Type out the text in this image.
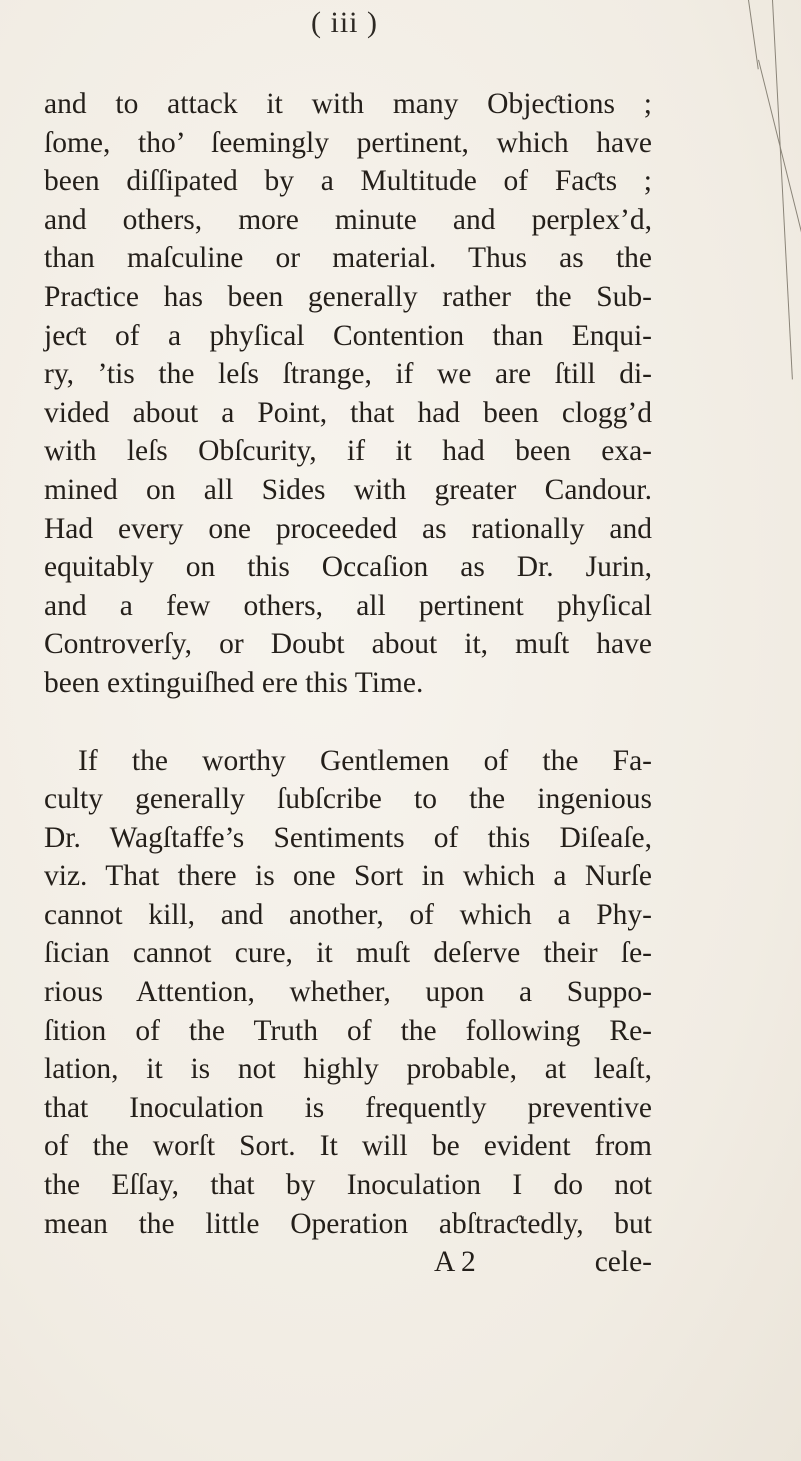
( iii )
and to attack it with many Objeƈtions ;
ſome, tho’ ſeemingly pertinent, which have
been diſſipated by a Multitude of Faƈts ;
and others, more minute and perplex’d,
than maſculine or material. Thus as the
Praƈtice has been generally rather the Sub-
jeƈt of a phyſical Contention than Enqui-
ry, ’tis the leſs ſtrange, if we are ſtill di-
vided about a Point, that had been clogg’d
with leſs Obſcurity, if it had been exa-
mined on all Sides with greater Candour.
Had every one proceeded as rationally and
equitably on this Occaſion as Dr. Jurin,
and a few others, all pertinent phyſical
Controverſy, or Doubt about it, muſt have
been extinguiſhed ere this Time.
If the worthy Gentlemen of the Fa-
culty generally ſubſcribe to the ingenious
Dr. Wagſtaffe’s Sentiments of this Diſeaſe,
viz. That there is one Sort in which a Nurſe
cannot kill, and another, of which a Phy-
ſician cannot cure, it muſt deſerve their ſe-
rious Attention, whether, upon a Suppo-
ſition of the Truth of the following Re-
lation, it is not highly probable, at leaſt,
that Inoculation is frequently preventive
of the worſt Sort. It will be evident from
the Eſſay, that by Inoculation I do not
mean the little Operation abſtraƈtedly, but
A 2	cele-
